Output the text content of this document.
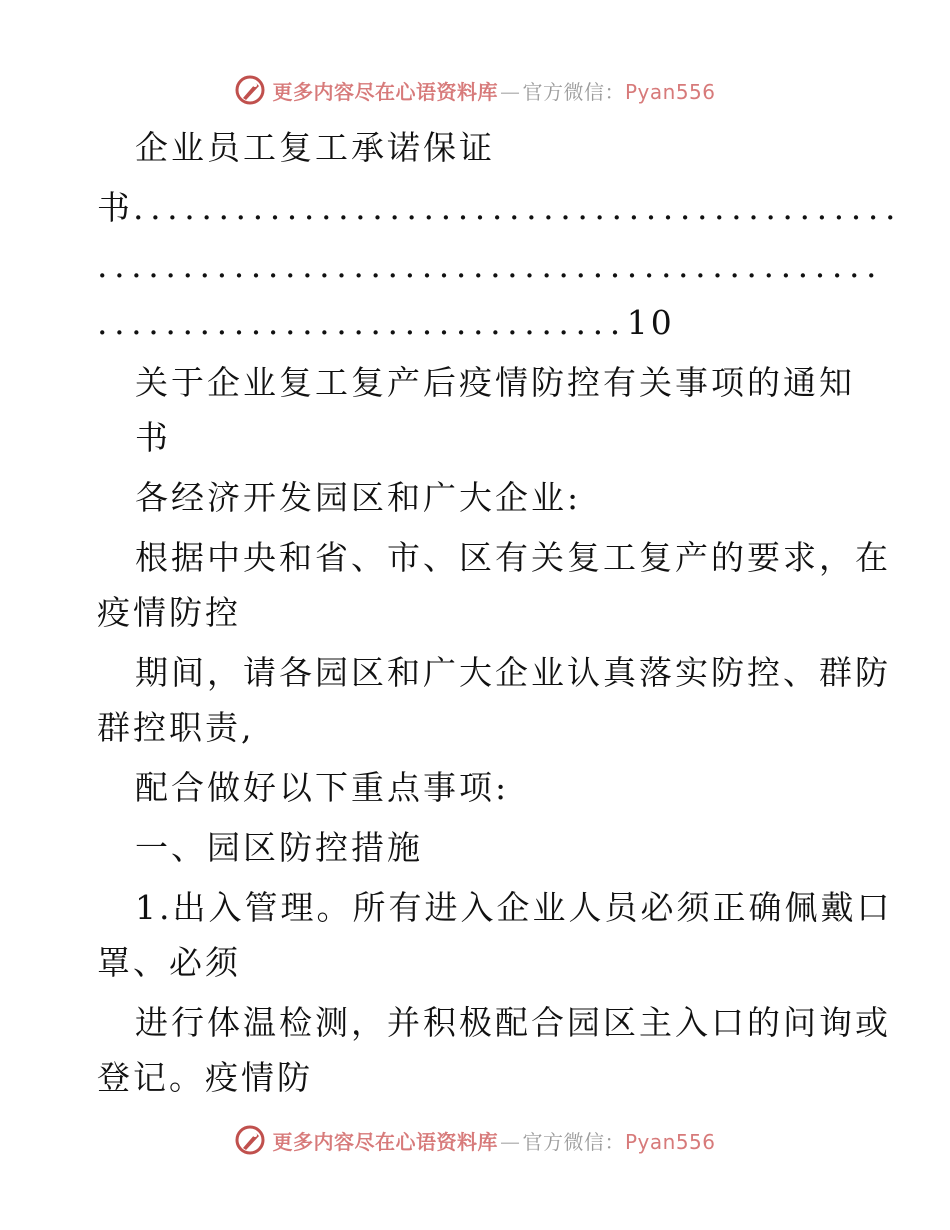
更多内容尽在心语资料库 — 官方微信：Pyan556
企业员工复工承诺保证
书.............................................
..............................................
...............................10
关于企业复工复产后疫情防控有关事项的通知
书
各经济开发园区和广大企业:
根据中央和省、市、区有关复工复产的要求，在
疫情防控
期间，请各园区和广大企业认真落实防控、群防
群控职责,
配合做好以下重点事项:
一、园区防控措施
1.出入管理。所有进入企业人员必须正确佩戴口
罩、必须
进行体温检测，并积极配合园区主入口的问询或
登记。疫情防
更多内容尽在心语资料库 — 官方微信：Pyan556
